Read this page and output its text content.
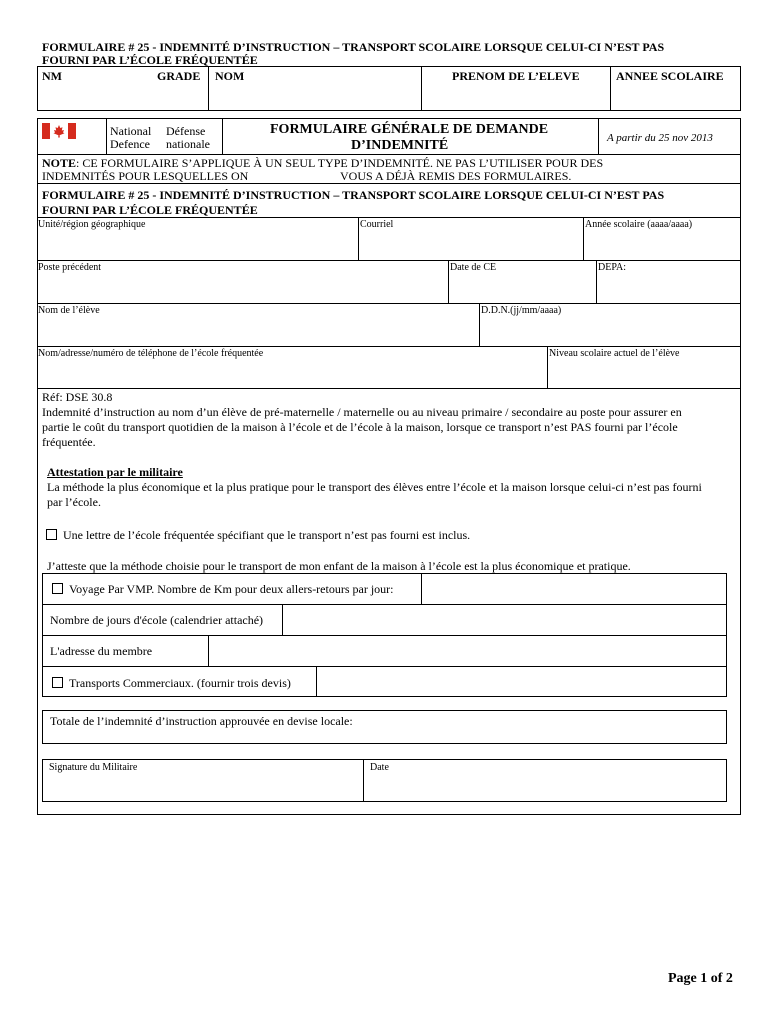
FORMULAIRE # 25 - INDEMNITÉ D’INSTRUCTION – TRANSPORT SCOLAIRE LORSQUE CELUI-CI N’EST PAS
FOURNI PAR L’ÉCOLE FRÉQUENTÉE
NM	GRADE NOM	PRENOM DE L’ELEVE	ANNEE SCOLAIRE
National Défense
Defence nationale
FORMULAIRE GÉNÉRALE DE DEMANDE
D’INDEMNITÉ	A partir du 25 nov 2013
NOTE: CE FORMULAIRE S’APPLIQUE À UN SEUL TYPE D’INDEMNITÉ. NE PAS L’UTILISER POUR DES
INDEMNITÉS POUR LESQUELLES ON	VOUS A DÉJÀ REMIS DES FORMULAIRES.
FORMULAIRE # 25 - INDEMNITÉ D’INSTRUCTION – TRANSPORT SCOLAIRE LORSQUE CELUI-CI N’EST PAS
FOURNI PAR L’ÉCOLE FRÉQUENTÉE
Unité/région géographique	Courriel	Année scolaire (aaaa/aaaa)
Poste précédent	Date de CE	DEPA:
Nom de l’élève	D.D.N.(jj/mm/aaaa)
Nom/adresse/numéro de téléphone de l’école fréquentée	Niveau scolaire actuel de l’élève
Réf: DSE 30.8
Indemnité d’instruction au nom d’un élève de pré-maternelle / maternelle ou au niveau primaire / secondaire au poste pour assurer en
partie le coût du transport quotidien de la maison à l’école et de l’école à la maison, lorsque ce transport n’est PAS fourni par l’école
fréquentée.
Attestation par le militaire
La méthode la plus économique et la plus pratique pour le transport des élèves entre l’école et la maison lorsque celui-ci n’est pas fourni
par l’école.
Une lettre de l’école fréquentée spécifiant que le transport n’est pas fourni est inclus.
J’atteste que la méthode choisie pour le transport de mon enfant de la maison à l’école est la plus économique et pratique.
Voyage Par VMP. Nombre de Km pour deux allers-retours par jour:
Nombre de jours d'école (calendrier attaché)
L'adresse du membre
Transports Commerciaux. (fournir trois devis)
Totale de l’indemnité d’instruction approuvée en devise locale:
Signature du Militaire	Date
Page 1 of 2
